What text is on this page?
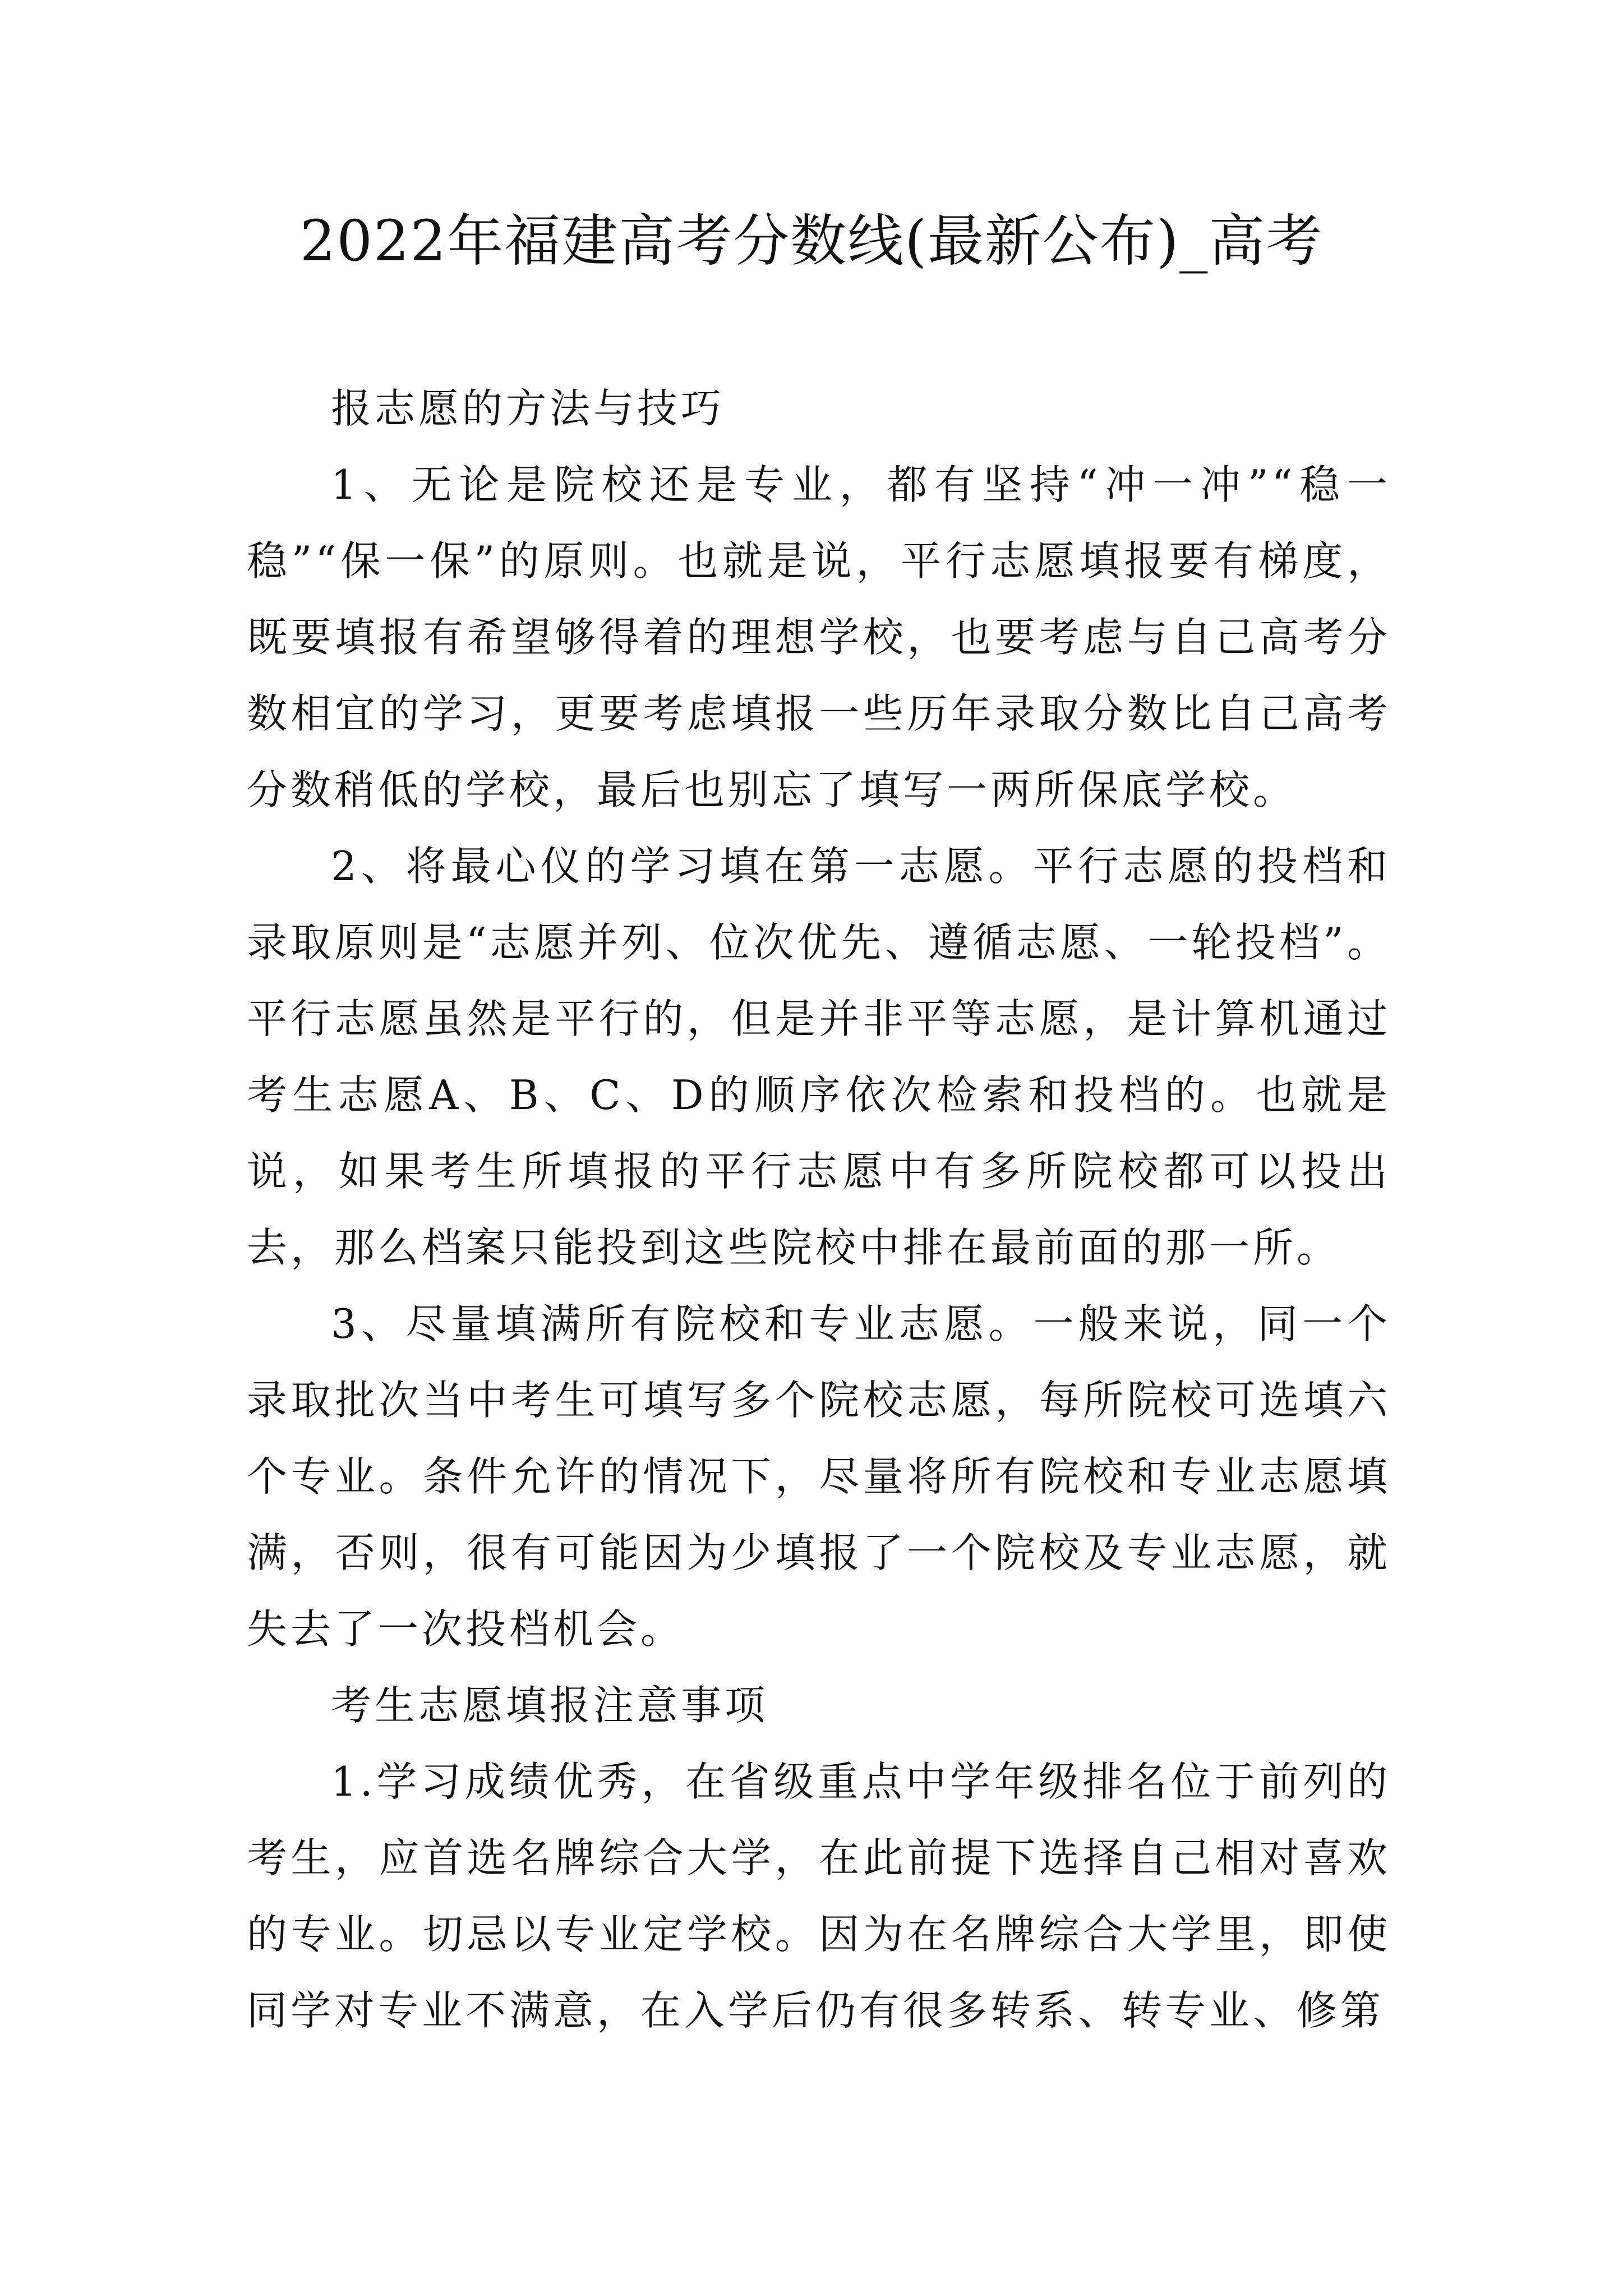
2022年福建高考分数线(最新公布)_高考

报志愿的方法与技巧

1、无论是院校还是专业，都有坚持“冲一冲”“稳一稳”“保一保”的原则。也就是说，平行志愿填报要有梯度，既要填报有希望够得着的理想学校，也要考虑与自己高考分数相宜的学习，更要考虑填报一些历年录取分数比自己高考分数稍低的学校，最后也别忘了填写一两所保底学校。

2、将最心仪的学习填在第一志愿。平行志愿的投档和录取原则是“志愿并列、位次优先、遵循志愿、一轮投档”。平行志愿虽然是平行的，但是并非平等志愿，是计算机通过考生志愿A、B、C、D的顺序依次检索和投档的。也就是说，如果考生所填报的平行志愿中有多所院校都可以投出去，那么档案只能投到这些院校中排在最前面的那一所。

3、尽量填满所有院校和专业志愿。一般来说，同一个录取批次当中考生可填写多个院校志愿，每所院校可选填六个专业。条件允许的情况下，尽量将所有院校和专业志愿填满，否则，很有可能因为少填报了一个院校及专业志愿，就失去了一次投档机会。

考生志愿填报注意事项

1.学习成绩优秀，在省级重点中学年级排名位于前列的考生，应首选名牌综合大学，在此前提下选择自己相对喜欢的专业。切忌以专业定学校。因为在名牌综合大学里，即使同学对专业不满意，在入学后仍有很多转系、转专业、修第
